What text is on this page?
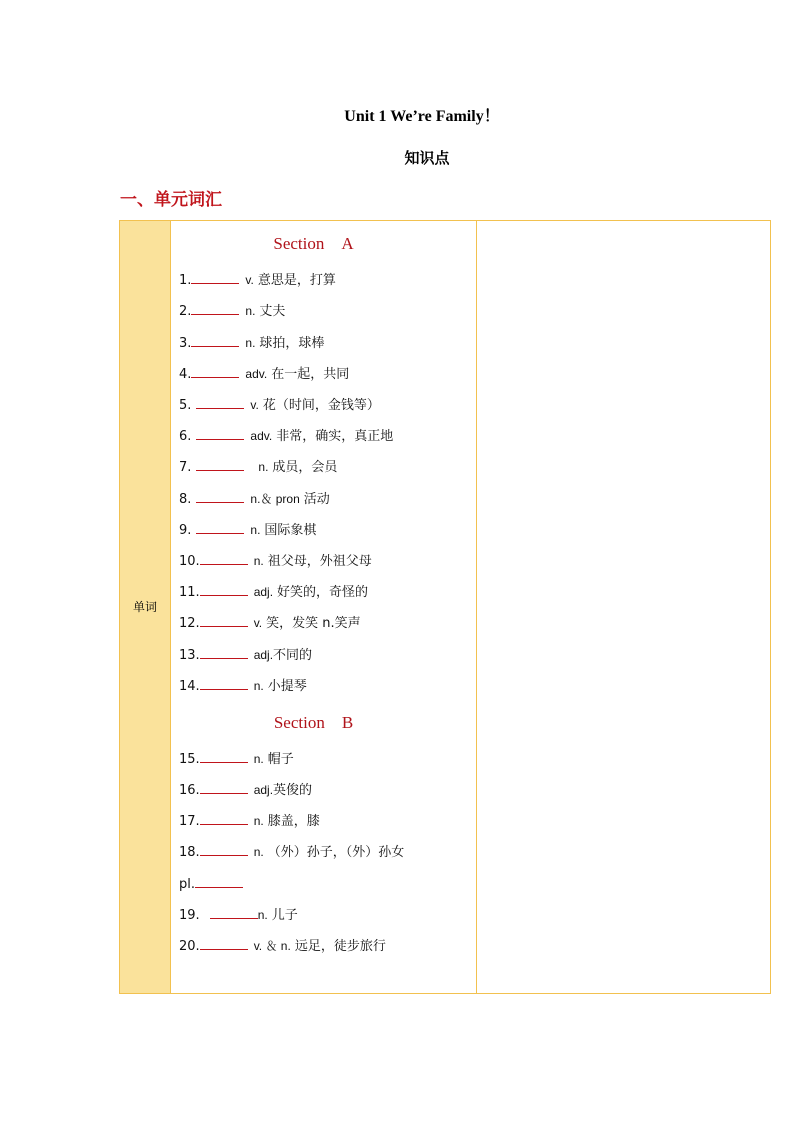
Unit 1 We’re Family！
知识点
一、单元词汇
单词
Section　A
1.	v. 意思是，打算
2.	n. 丈夫
3.	n. 球拍，球棒
4.	adv. 在一起，共同
5.	v. 花（时间，金钱等）
6.	adv. 非常，确实，真正地
7.	n. 成员，会员
8.	n.＆ pron 活动
9.	n. 国际象棋
10.	n. 祖父母，外祖父母
11.	adj. 好笑的，奇怪的
12.	v. 笑，发笑 n.笑声
13.	adj.不同的
14.	n. 小提琴
Section　B
15.	n. 帽子
16.	adj.英俊的
17.	n. 膝盖，膝
18.	n. （外）孙子，（外）孙女
pl.
19.	n. 儿子
20.	v. ＆ n. 远足，徒步旅行
